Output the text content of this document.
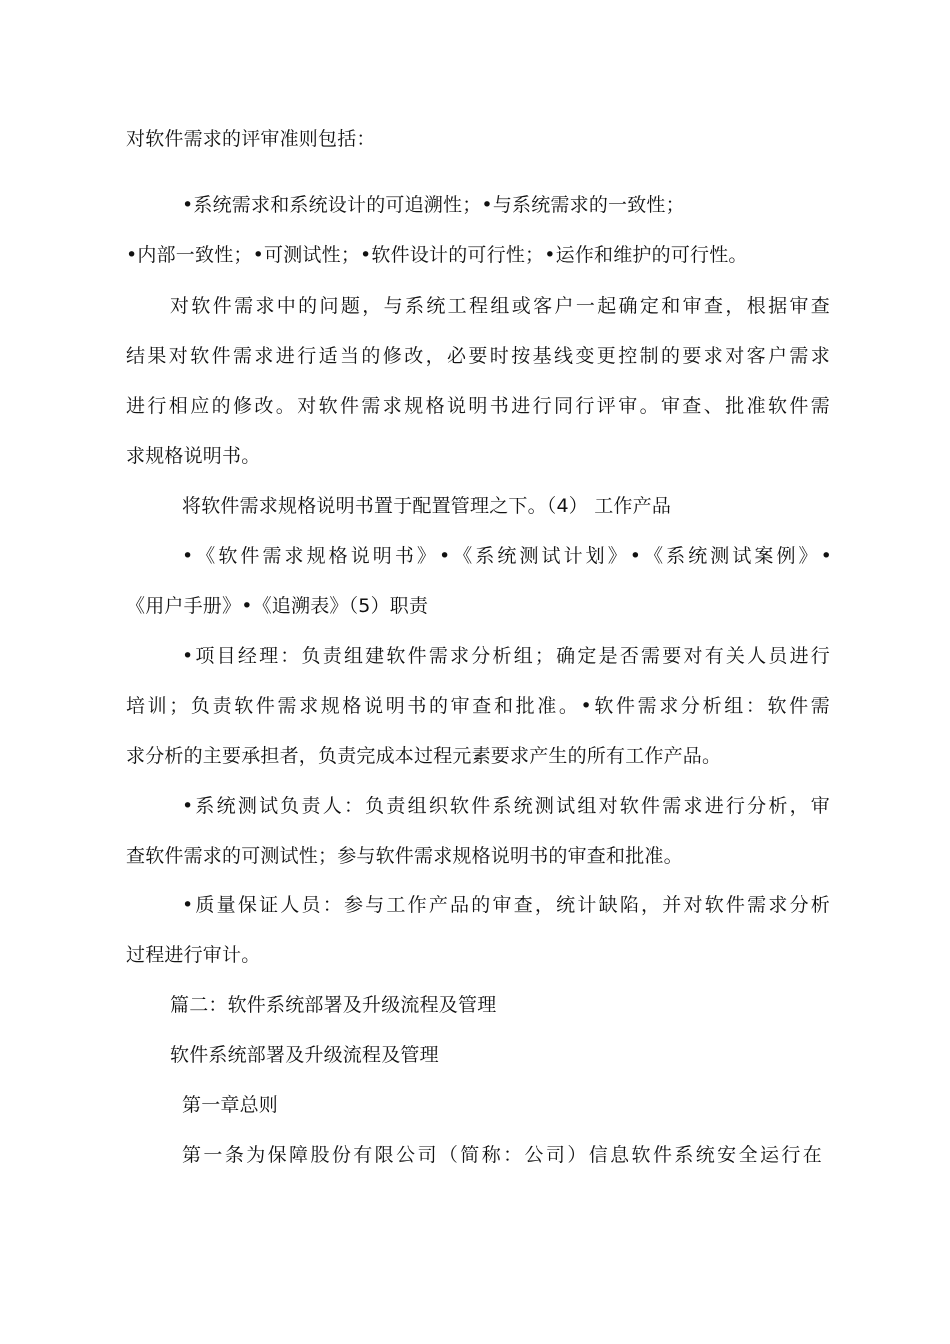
对软件需求的评审准则包括：
•系统需求和系统设计的可追溯性；•与系统需求的一致性；
•内部一致性；•可测试性；•软件设计的可行性；•运作和维护的可行性。
对软件需求中的问题，与系统工程组或客户一起确定和审查，根据审查
结果对软件需求进行适当的修改，必要时按基线变更控制的要求对客户需求
进行相应的修改。对软件需求规格说明书进行同行评审。审查、批准软件需
求规格说明书。
将软件需求规格说明书置于配置管理之下。（4） 工作产品
•《软件需求规格说明书》•《系统测试计划》•《系统测试案例》•
《用户手册》•《追溯表》（5）职责
•项目经理：负责组建软件需求分析组；确定是否需要对有关人员进行
培训；负责软件需求规格说明书的审查和批准。•软件需求分析组：软件需
求分析的主要承担者，负责完成本过程元素要求产生的所有工作产品。
•系统测试负责人：负责组织软件系统测试组对软件需求进行分析，审
查软件需求的可测试性；参与软件需求规格说明书的审查和批准。
•质量保证人员：参与工作产品的审查，统计缺陷，并对软件需求分析
过程进行审计。
篇二：软件系统部署及升级流程及管理
软件系统部署及升级流程及管理
第一章总则
第一条为保障股份有限公司（简称：公司）信息软件系统安全运行在
